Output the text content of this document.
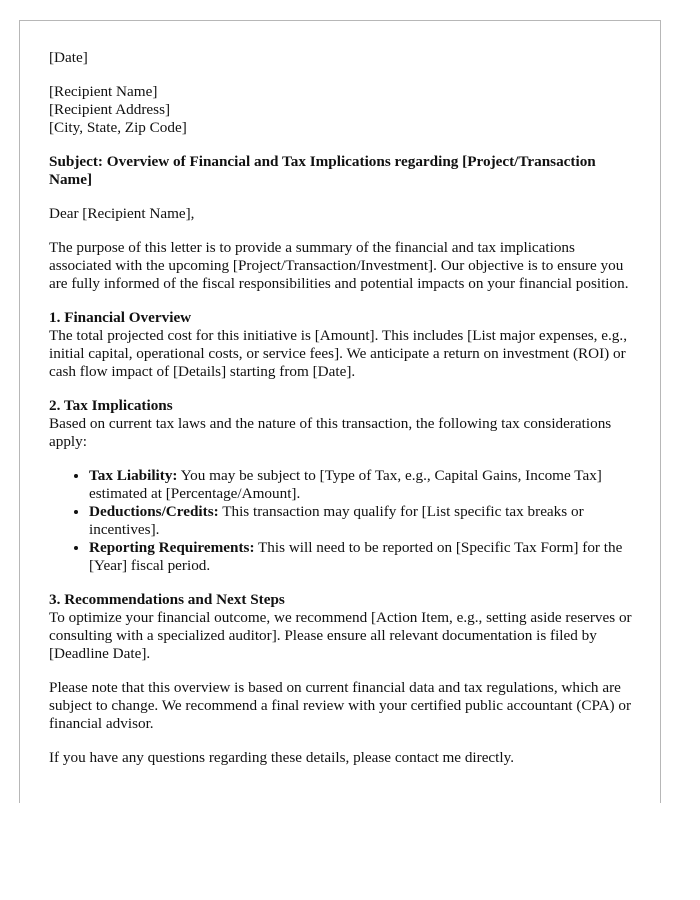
[Date]

[Recipient Name]
[Recipient Address]
[City, State, Zip Code]

Subject: Overview of Financial and Tax Implications regarding [Project/Transaction Name]

Dear [Recipient Name],

The purpose of this letter is to provide a summary of the financial and tax implications associated with the upcoming [Project/Transaction/Investment]. Our objective is to ensure you are fully informed of the fiscal responsibilities and potential impacts on your financial position.

1. Financial Overview
The total projected cost for this initiative is [Amount]. This includes [List major expenses, e.g., initial capital, operational costs, or service fees]. We anticipate a return on investment (ROI) or cash flow impact of [Details] starting from [Date].

2. Tax Implications
Based on current tax laws and the nature of this transaction, the following tax considerations apply:
• Tax Liability: You may be subject to [Type of Tax, e.g., Capital Gains, Income Tax] estimated at [Percentage/Amount].
• Deductions/Credits: This transaction may qualify for [List specific tax breaks or incentives].
• Reporting Requirements: This will need to be reported on [Specific Tax Form] for the [Year] fiscal period.

3. Recommendations and Next Steps
To optimize your financial outcome, we recommend [Action Item, e.g., setting aside reserves or consulting with a specialized auditor]. Please ensure all relevant documentation is filed by [Deadline Date].

Please note that this overview is based on current financial data and tax regulations, which are subject to change. We recommend a final review with your certified public accountant (CPA) or financial advisor.

If you have any questions regarding these details, please contact me directly.
